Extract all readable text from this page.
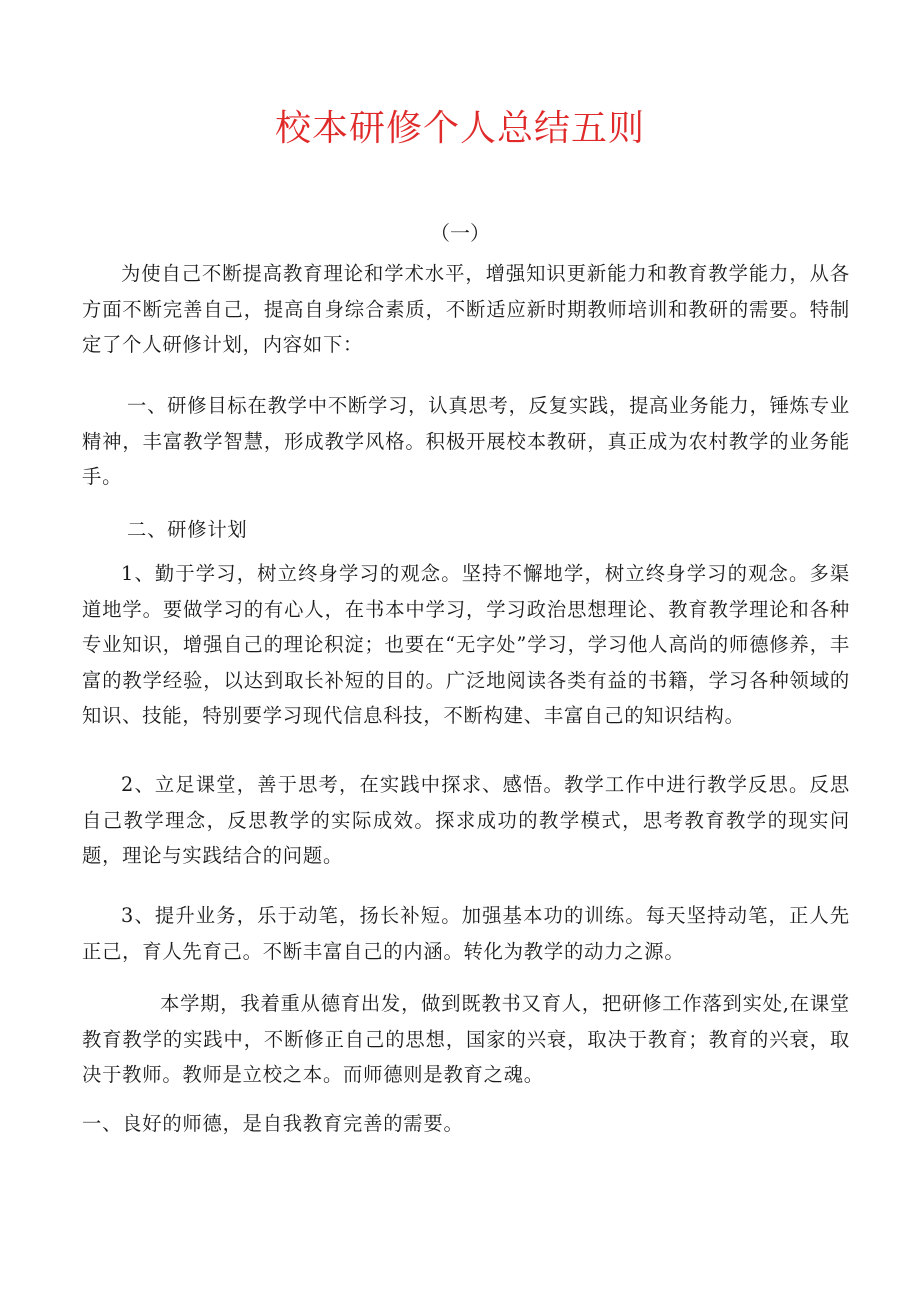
校本研修个人总结五则

（一）

为使自己不断提高教育理论和学术水平，增强知识更新能力和教育教学能力，从各方面不断完善自己，提高自身综合素质，不断适应新时期教师培训和教研的需要。特制定了个人研修计划，内容如下：

一、研修目标在教学中不断学习，认真思考，反复实践，提高业务能力，锤炼专业精神，丰富教学智慧，形成教学风格。积极开展校本教研，真正成为农村教学的业务能手。

二、研修计划

1、勤于学习，树立终身学习的观念。坚持不懈地学，树立终身学习的观念。多渠道地学。要做学习的有心人，在书本中学习，学习政治思想理论、教育教学理论和各种专业知识，增强自己的理论积淀；也要在“无字处”学习，学习他人高尚的师德修养，丰富的教学经验，以达到取长补短的目的。广泛地阅读各类有益的书籍，学习各种领域的知识、技能，特别要学习现代信息科技，不断构建、丰富自己的知识结构。

2、立足课堂，善于思考，在实践中探求、感悟。教学工作中进行教学反思。反思自己教学理念，反思教学的实际成效。探求成功的教学模式，思考教育教学的现实问题，理论与实践结合的问题。

3、提升业务，乐于动笔，扬长补短。加强基本功的训练。每天坚持动笔，正人先正己，育人先育己。不断丰富自己的内涵。转化为教学的动力之源。

本学期，我着重从德育出发，做到既教书又育人，把研修工作落到实处,在课堂教育教学的实践中，不断修正自己的思想，国家的兴衰，取决于教育；教育的兴衰，取决于教师。教师是立校之本。而师德则是教育之魂。

一、良好的师德，是自我教育完善的需要。
